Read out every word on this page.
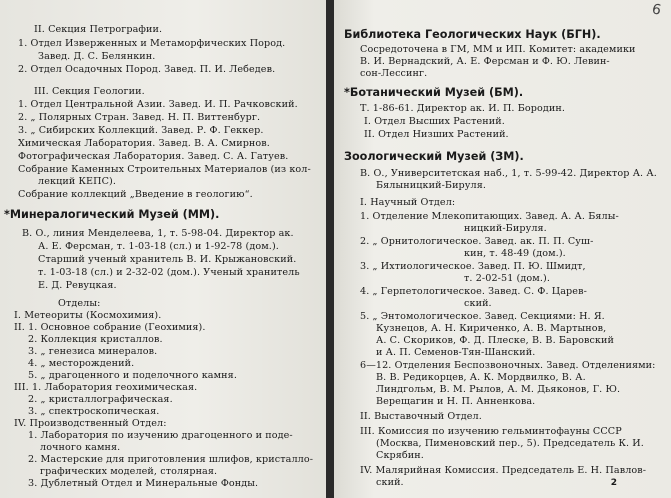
II. Секция Петрографии.
1. Отдел Изверженных и Метаморфических Пород.
Завед. Д. С. Белянкин.
2. Отдел Осадочных Пород. Завед. П. И. Лебедев.
III. Секция Геологии.
1. Отдел Центральной Азии. Завед. И. П. Рачковский.
2. „ Полярных Стран. Завед. Н. П. Виттенбург.
3. „ Сибирских Коллекций. Завед. Р. Ф. Геккер.
Химическая Лаборатория. Завед. В. А. Смирнов.
Фотографическая Лаборатория. Завед. С. А. Гатуев.
Собрание Каменных Строительных Материалов (из кол-
лекций КЕПС).
Собрание коллекций „Введение в геологию“.
*Минералогический Музей (ММ).
В. О., линия Менделеева, 1, т. 5-98-04. Директор ак.
А. Е. Ферсман, т. 1-03-18 (сл.) и 1-92-78 (дом.).
Старший ученый хранитель В. И. Крыжановский.
т. 1-03-18 (сл.) и 2-32-02 (дом.). Ученый хранитель
Е. Д. Ревуцкая.
Отделы:
I. Метеориты (Космохимия).
II. 1. Основное собрание (Геохимия).
2. Коллекция кристаллов.
3. „ генезиса минералов.
4. „ месторождений.
5. „ драгоценного и поделочного камня.
III. 1. Лаборатория геохимическая.
2. „ кристаллографическая.
3. „ спектроскопическая.
IV. Производственный Отдел:
1. Лаборатория по изучению драгоценного и поде-
лочного камня.
2. Мастерские для приготовления шлифов, кристалло-
графических моделей, столярная.
3. Дублетный Отдел и Минеральные Фонды.
6
Библиотека Геологических Наук (БГН).
Сосредоточена в ГМ, ММ и ИП. Комитет: академики
В. И. Вернадский, А. Е. Ферсман и Ф. Ю. Левин-
сон-Лессинг.
*Ботанический Музей (БМ).
Т. 1-86-61. Директор ак. И. П. Бородин.
I. Отдел Высших Растений.
II. Отдел Низших Растений.
Зоологический Музей (ЗМ).
В. О., Университетская наб., 1, т. 5-99-42. Директор А. А.
Бялыницкий-Бируля.
I. Научный Отдел:
1. Отделение Млекопитающих. Завед. А. А. Бялы-
ницкий-Бируля.
2. „ Орнитологическое. Завед. ак. П. П. Суш-
кин, т. 48-49 (дом.).
3. „ Ихтиологическое. Завед. П. Ю. Шмидт,
т. 2-02-51 (дом.).
4. „ Герпетологическое. Завед. С. Ф. Царев-
ский.
5. „ Энтомологическое. Завед. Секциями: Н. Я.
Кузнецов, А. Н. Кириченко, А. В. Мартынов,
А. С. Скориков, Ф. Д. Плеске, В. В. Баровский
и А. П. Семенов-Тян-Шанский.
6—12. Отделения Беспозвоночных. Завед. Отделениями:
В. В. Редикорцев, А. К. Мордвилко, В. А.
Линдгольм, В. М. Рылов, А. М. Дьяконов, Г. Ю.
Верещагин и Н. П. Анненкова.
II. Выставочный Отдел.
III. Комиссия по изучению гельминтофауны СССР
(Москва, Пименовский пер., 5). Председатель К. И.
Скрябин.
IV. Малярийная Комиссия. Председатель Е. Н. Павлов-
ский.	2
